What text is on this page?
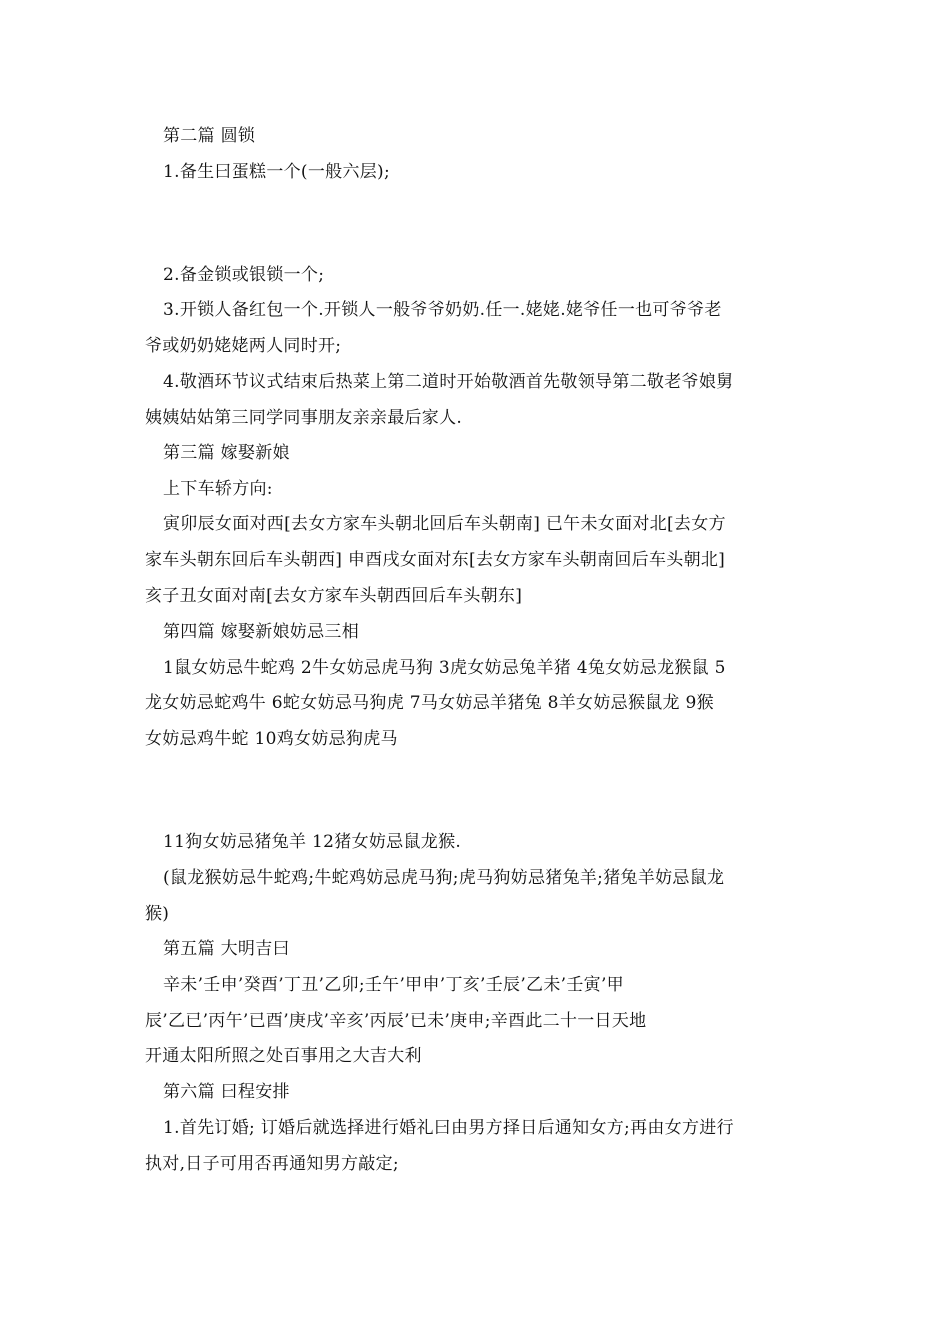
第二篇 圆锁
1.备生曰蛋糕一个(一般六层);
2.备金锁或银锁一个;
3.开锁人备红包一个.开锁人一般爷爷奶奶.任一.姥姥.姥爷任一也可爷爷老
爷或奶奶姥姥两人同时开;
4.敬酒环节议式结束后热菜上第二道时开始敬酒首先敬领导第二敬老爷娘舅
姨姨姑姑第三同学同事朋友亲亲最后家人.
第三篇 嫁娶新娘
上下车轿方向:
寅卯辰女面对西[去女方家车头朝北回后车头朝南] 已午未女面对北[去女方
家车头朝东回后车头朝西] 申酉戌女面对东[去女方家车头朝南回后车头朝北]
亥子丑女面对南[去女方家车头朝西回后车头朝东]
第四篇 嫁娶新娘妨忌三相
1鼠女妨忌牛蛇鸡 2牛女妨忌虎马狗 3虎女妨忌兔羊猪 4兔女妨忌龙猴鼠 5
龙女妨忌蛇鸡牛 6蛇女妨忌马狗虎 7马女妨忌羊猪兔 8羊女妨忌猴鼠龙 9猴
女妨忌鸡牛蛇 10鸡女妨忌狗虎马
11狗女妨忌猪兔羊 12猪女妨忌鼠龙猴.
(鼠龙猴妨忌牛蛇鸡;牛蛇鸡妨忌虎马狗;虎马狗妨忌猪兔羊;猪兔羊妨忌鼠龙
猴)
第五篇 大明吉曰
辛未’壬申’癸酉’丁丑’乙卯;壬午’甲申’丁亥’壬辰’乙未’壬寅’甲
辰’乙已’丙午’已酉’庚戌’辛亥’丙辰’已未’庚申;辛酉此二十一日天地
开通太阳所照之处百事用之大吉大利
第六篇 曰程安排
1.首先订婚; 订婚后就选择进行婚礼曰由男方择日后通知女方;再由女方进行
执对,日子可用否再通知男方敲定;
